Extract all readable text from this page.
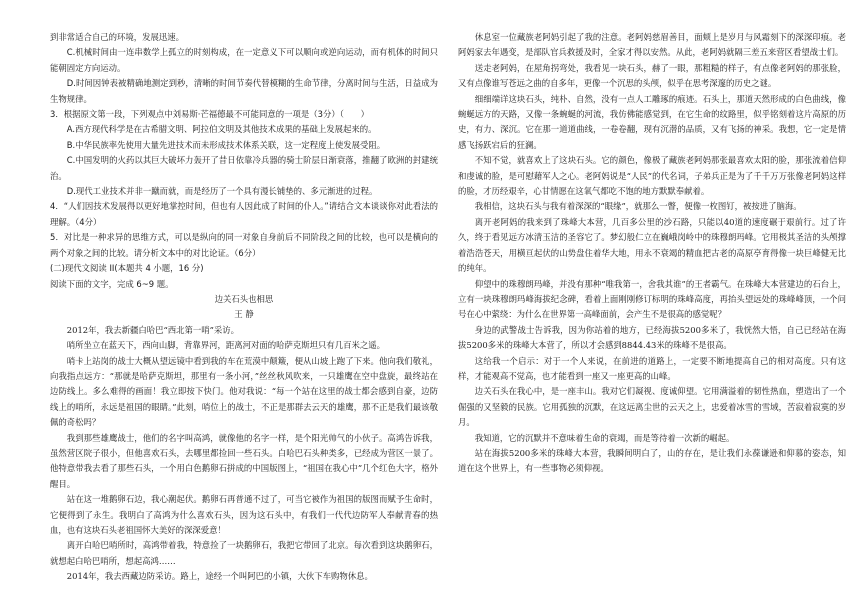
到非常适合自己的环境，发展迅速。

C.机械时间由一连串数学上孤立的时刻构成，在一定意义下可以顺向或逆向运动，而有机体的时间只能朝固定方向运动。

D.时间因钟表被精确地测定到秒，清晰的时间节奏代替模糊的生命节律，分离时间与生活，日益成为生物规律。

3．根据原文第一段，下列观点中刘易斯·芒福德最不可能同意的一项是（3分）（　　）

A.西方现代科学是在古希腊文明、阿拉伯文明及其他技术成果的基础上发展起来的。

B.中华民族率先使用大量先进技术而未形成技术体系关联，这一定程度上使发展受阻。

C.中国发明的火药以其巨大破坏力轰开了昔日依靠冷兵器的骑士阶层日渐衰落，推翻了欧洲的封建统治。

D.现代工业技术并非一蹴而就，而是经历了一个具有漫长铺垫的、多元渐进的过程。

4．“人们因技术发展得以更好地掌控时间，但也有人因此成了时间的仆人。”请结合文本谈谈你对此看法的理解。（4分）

5．对比是一种求异的思维方式，可以是纵向的同一对象自身前后不同阶段之间的比较，也可以是横向的两个对象之间的比较。请分析文本中的对比论证。（6分）

(二)现代文阅读 II(本题共 4 小题，16 分)

阅读下面的文字，完成 6~9 题。

边关石头也相思

王 静

2012年，我去新疆白哈巴“西北第一哨”采访。

哨所坐立在蓝天下，西向山脚，背靠界河，距离河对面的哈萨克斯坦只有几百米之遥。

哨卡上站岗的战士大概从望远镜中看到我的车在荒漠中颠簸，便从山坡上跑了下来。他向我们敬礼，向我指点远方：“那就是哈萨克斯坦，那里有一条小河，”丝丝秋风吹来，一只雄鹰在空中盘旋，最终站在边防线上。多么难得的画面！我立即按下快门。他对我说：“每一个站在这里的战士都会感到自豪，边防线上的哨所，永远是祖国的眼睛。”此刻，哨位上的战士，不正是那群去云天的雄鹰，那不正是我们最该敬佩的奇松吗？

我到那些雄鹰战士，他们的名字叫高鸿，就像他的名字一样，是个阳光帅气的小伙子。高鸿告诉我，虽然营区院子很小，但他喜欢石头，去哪里都捡回一些石头。白哈巴石头种类多，已经成为营区一景了。他特意带我去看了那些石头，一个用白色鹅卵石拼成的中国版图上，“祖国在我心中”几个红色大字，格外醒目。

站在这一堆鹅卵石边，我心潮起伏。鹅卵石再普通不过了，可当它被作为祖国的版图而赋予生命时，它便得到了永生。我明白了高鸿为什么喜欢石头，因为这石头中，有我们一代代边防军人奉献青春的热血，也有这块石头老祖国怀大美好的深深爱意！

离开白哈巴哨所时，高鸿带着我，特意捡了一块鹅卵石，我把它带回了北京。每次看到这块鹅卵石，就想起白哈巴哨所，想起高鸿……

2014年，我去西藏边防采访。路上，途经一个叫阿巴的小镇，大伙下车购物休息。

休息室一位藏族老阿妈引起了我的注意。老阿妈慈眉善目，面颊上是岁月与风霜刻下的深深印痕。老阿妈家去年遇变，是部队官兵救援及时，全家才得以安然。从此，老阿妈就隔三差五来营区看望战士们。

送走老阿妈，在屋角拐弯处，我看见一块石头，赫了一眼，那粗糙的样子，有点像老阿妈的那张脸，又有点像谁写苍远之曲的自多年，更像一个沉思的头颅，似乎在思考深邃的历史之谜。

细细端详这块石头，纯朴、自然，没有一点人工雕琢的痕迹。石头上，那道天然形成的白色曲线，像蜿蜒远方的天路，又像一条蜿蜒的河流，我仿佛能感觉到，在它生命的纹路里，似乎铭刻着这片高原的历史，有力、深沉。它在那一道道曲线，一卷卷翻，现有沉潜的品质，又有飞扬的神采。我想，它一定是情感飞扬跃宕后的狂澜。

不知不觉，就喜欢上了这块石头。它的颜色，像极了藏族老阿妈那张最喜欢太阳的脸，那张流着信仰和虔诚的脸，是可慰藉军人之心。老阿妈说是“人民”的代名词，子弟兵正是为了千千万万张像老阿妈这样的脸，才历经艰辛，心甘情愿在这氧气都吃不饱的地方默默奉献着。

我相信，这块石头与我有着深深的“眼缘”，就那么一瞥，便像一枚图钉，被按进了脑海。

离开老阿妈的我来到了珠峰大本营，几百多公里的沙石路，只能以40道的速度碾于艰前行。过了许久，终于看见远方冰清玉洁的圣容它了。梦幻般仁立在巍峨岗岭中的珠穆朗玛峰。它用极其圣洁的头颅撑着浩浩苍天，用横亘起伏的山势盘住着华大地，用永不衰竭的精血把古老的高原亭育得像一块巨峰健无比的纯年。

仰望中的珠穆朗玛峰，并没有那种“唯我第一，舍我其谁”的王者霸气。在珠峰大本营建边的石台上，立有一块珠穆朗玛峰海拔纪念碑，看着上面刚刚修订标明的珠峰高度，再抬头望远处的珠峰峰顶，一个问号在心中萦绕：为什么在世界第一高峰面前，会产生不是很高的感觉呢？

身边的武警战士告诉我，因为你站着的地方，已经海拔5200多米了，我恍然大悟，自己已经站在海拔5200多米的珠峰大本营了，所以才会感到8844.43米的珠峰不是很高。

这给我一个启示：对于一个人来说，在前进的道路上，一定要不断地提高自己的相对高度。只有这样，才能观高不觉高，也才能看到一座又一座更高的山峰。

边关石头在我心中，是一座丰山。我对它们凝视、度诚仰望。它用满溢着的韧性热血，塑造出了一个倔强的又坚毅的民族。它用孤独的沉默，在这远离尘世的云天之上，忠爱着冰雪的雪域，苦寂着寂寞的岁月。

我知道，它的沉默并不意味着生命的衰竭，而是等待着一次新的崛起。

站在海拔5200多米的珠峰大本营，我瞬间明白了，山的存在，是让我们永葆谦逊和仰慕的姿态，知道在这个世界上，有一些事物必须仰视。
